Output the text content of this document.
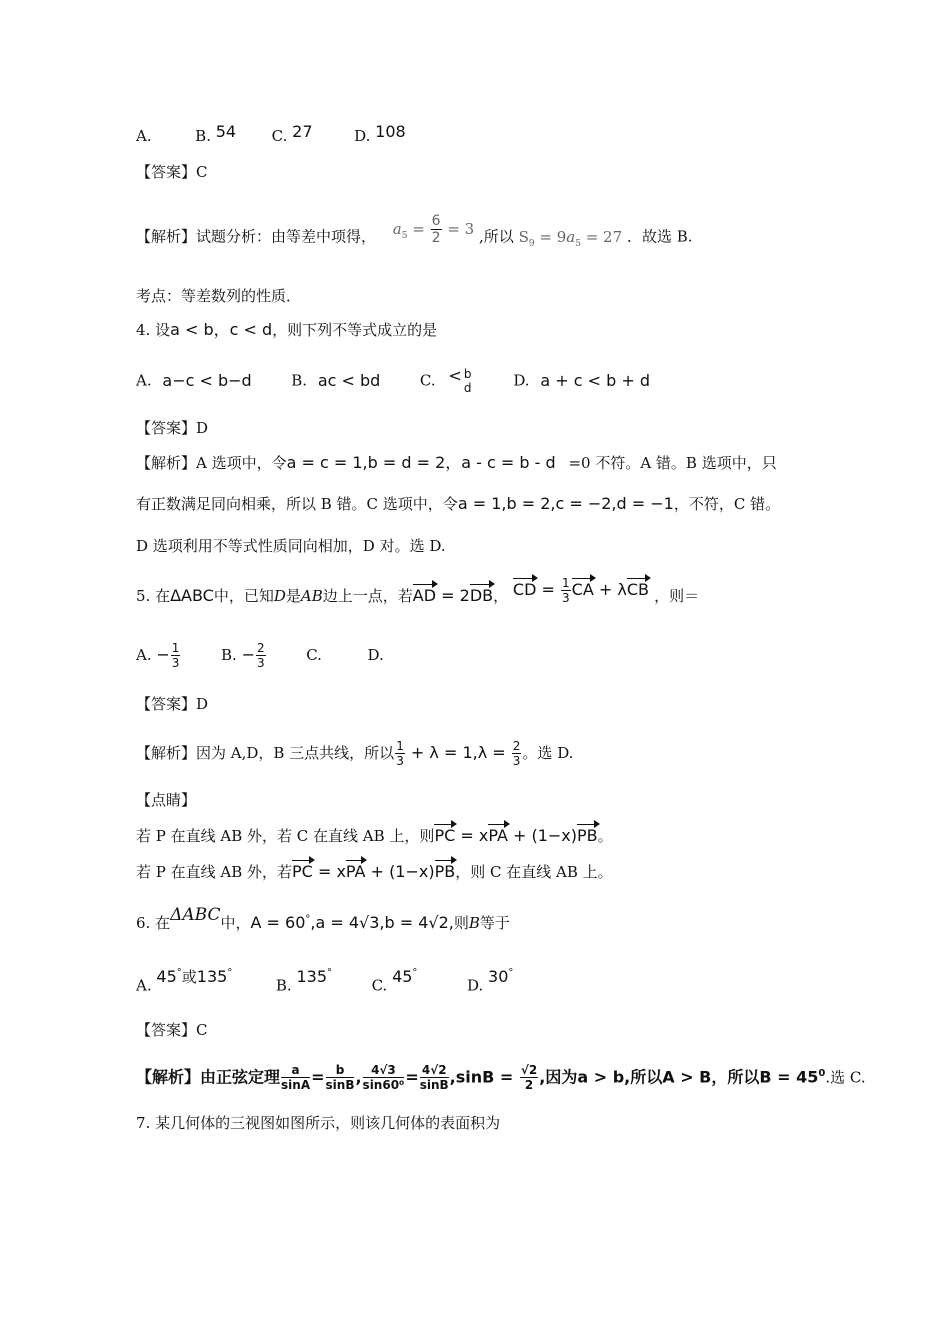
A.	B. 54 C. 27	D. 108
【答案】C
【解析】试题分析：由等差中项得， $a_5 = \frac{6}{2} = 3$ ,所以 $S_9 = 9a_5 = 27$ ．故选 B.
考点：等差数列的性质．
4. 设a < b，c < d，则下列不等式成立的是
A. a−c < b−d	B. ac < bd	C. < b
d	D. a + c < b + d
【答案】D
【解析】A 选项中，令a = c = 1,b = d = 2，a - c = b - d =0 不符。A 错。B 选项中，只
有正数满足同向相乘，所以 B 错。C 选项中，令a = 1,b = 2,c = −2,d = −1，不符，C 错。
D 选项利用不等式性质同向相加，D 对。选 D.
5. 在ΔABC中，已知D是AB边上一点，若AD = 2DB， CD = $\frac{1}{3}$ CA + λCB ，则＝
A. − $\frac{1}{3}$	B. − $\frac{2}{3}$	C.	D.
【答案】D
【解析】因为 A,D，B 三点共线，所以 $\frac{1}{3} + \lambda = 1,\lambda = \frac{2}{3}$ 。选 D.
【点睛】
若 P 在直线 AB 外，若 C 在直线 AB 上，则PC = xPA + (1−x)PB。
若 P 在直线 AB 外，若PC = xPA + (1−x)PB，则 C 在直线 AB 上。
6. 在ΔABC中，A = 60°,a = 4√3,b = 4√2,则B等于
A. 45°或135°  B. 135°  C. 45°  D. 30°
【答案】C
【解析】由正弦定理 $\frac{a}{\sin A} = \frac{b}{\sin B}$ , $\frac{4√3}{\text{sin60⁰}} = \frac{4√2}{\sin B} ,\sin B = \frac{√2}{2}$ ,因为a > b,所以A > B，所以$B = 45^0$.选 C.
7. 某几何体的三视图如图所示，则该几何体的表面积为
